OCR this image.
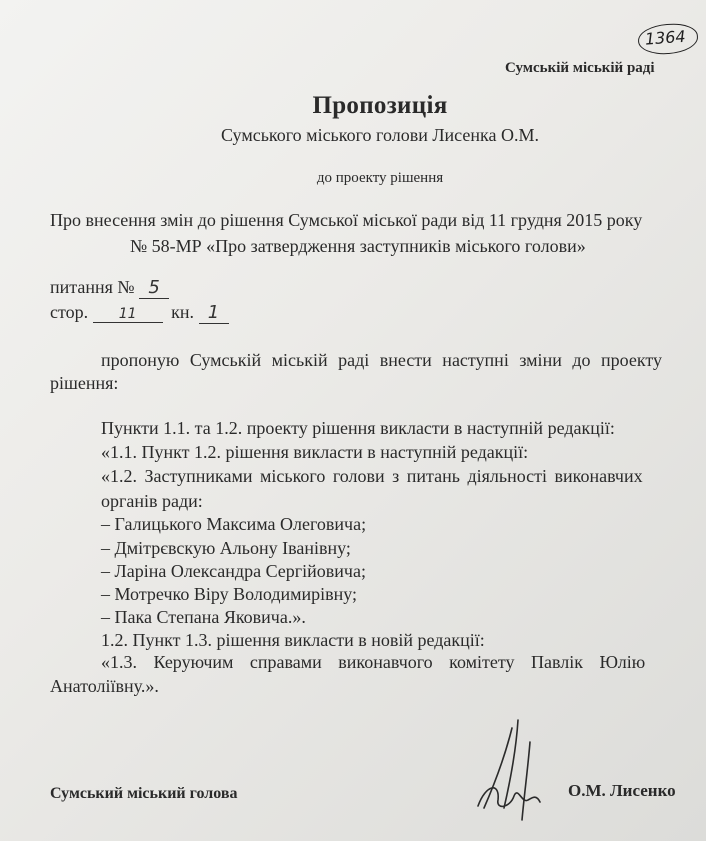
1364
Сумській міській раді
Пропозиція
Сумського міського голови Лисенка О.М.
до проекту рішення
Про внесення змін до рішення Сумської міської ради від 11 грудня 2015 року
№ 58-МР «Про затвердження заступників міського голови»
питання № 5
стор. 11 кн. 1
пропоную Сумській міській раді внести наступні зміни до проекту
рішення:
Пункти 1.1. та 1.2. проекту рішення викласти в наступній редакції:
«1.1. Пункт 1.2. рішення викласти в наступній редакції:
«1.2. Заступниками міського голови з питань діяльності виконавчих
органів ради:
– Галицького Максима Олеговича;
– Дмітрєвскую Альону Іванівну;
– Ларіна Олександра Сергійовича;
– Мотречко Віру Володимирівну;
– Пака Степана Яковича.».
1.2. Пункт 1.3. рішення викласти в новій редакції:
«1.3. Керуючим справами виконавчого комітету Павлік Юлію
Анатоліївну.».
Сумський міський голова	О.М. Лисенко
